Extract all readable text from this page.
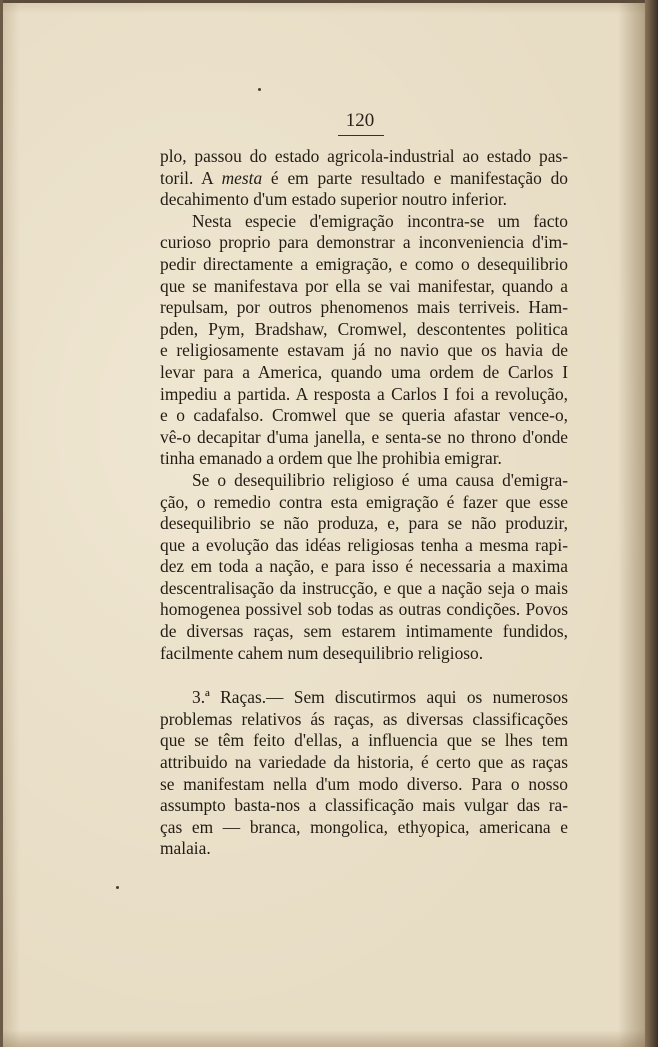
120

plo, passou do estado agricola-industrial ao estado pas-
toril. A mesta é em parte resultado e manifestação do
decahimento d'um estado superior noutro inferior.

Nesta especie d'emigração incontra-se um facto
curioso proprio para demonstrar a inconveniencia d'im-
pedir directamente a emigração, e como o desequilibrio
que se manifestava por ella se vai manifestar, quando a
repulsam, por outros phenomenos mais terriveis. Ham-
pden, Pym, Bradshaw, Cromwel, descontentes politica
e religiosamente estavam já no navio que os havia de
levar para a America, quando uma ordem de Carlos I
impediu a partida. A resposta a Carlos I foi a revolução,
e o cadafalso. Cromwel que se queria afastar vence-o,
vê-o decapitar d'uma janella, e senta-se no throno d'onde
tinha emanado a ordem que lhe prohibia emigrar.

Se o desequilibrio religioso é uma causa d'emigra-
ção, o remedio contra esta emigração é fazer que esse
desequilibrio se não produza, e, para se não produzir,
que a evolução das idéas religiosas tenha a mesma rapi-
dez em toda a nação, e para isso é necessaria a maxima
descentralisação da instrucção, e que a nação seja o mais
homogenea possivel sob todas as outras condições. Povos
de diversas raças, sem estarem intimamente fundidos,
facilmente cahem num desequilibrio religioso.

3.ª Raças.— Sem discutirmos aqui os numerosos
problemas relativos ás raças, as diversas classificações
que se têm feito d'ellas, a influencia que se lhes tem
attribuido na variedade da historia, é certo que as raças
se manifestam nella d'um modo diverso. Para o nosso
assumpto basta-nos a classificação mais vulgar das ra-
ças em — branca, mongolica, ethyopica, americana e
malaia.
